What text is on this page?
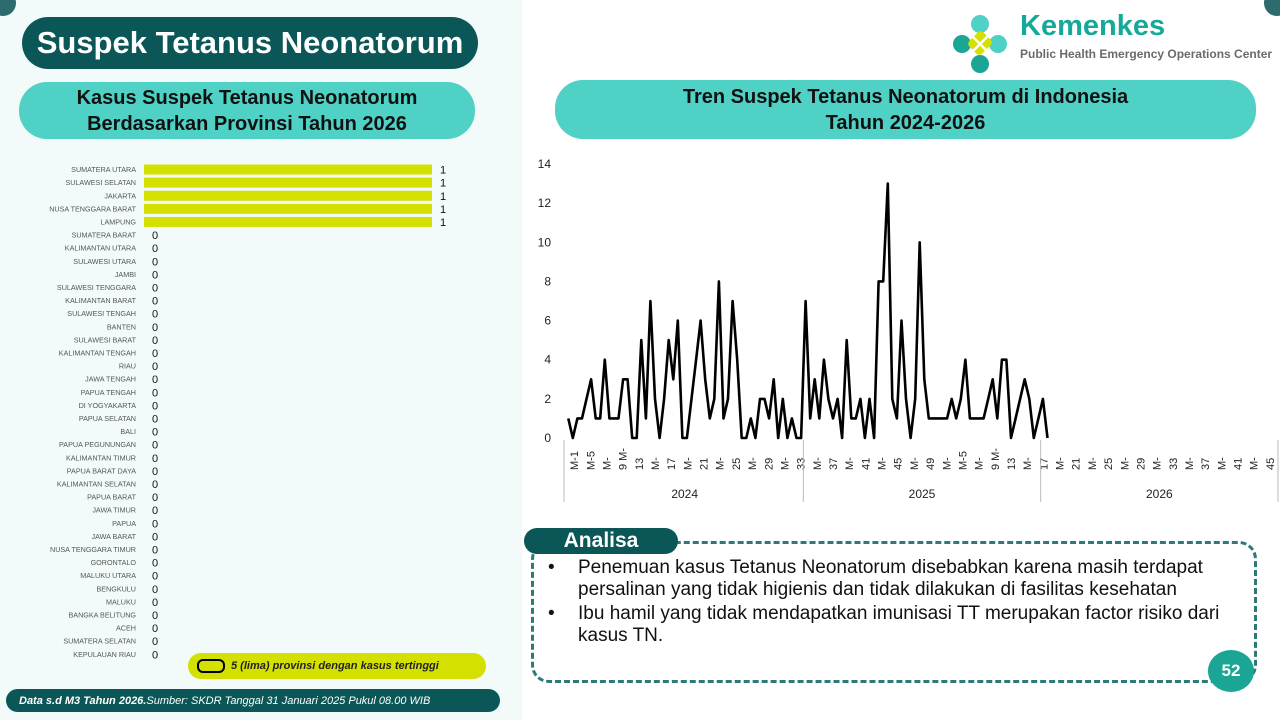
Suspek Tetanus Neonatorum	Kemenkes
Public Health Emergency Operations Center
Kasus Suspek Tetanus Neonatorum
Berdasarkan Provinsi Tahun 2026
Tren Suspek Tetanus Neonatorum di Indonesia
Tahun 2024-2026
SUMATERA UTARA	1
SULAWESI SELATAN	1
JAKARTA	1
NUSA TENGGARA BARAT	1
LAMPUNG	1
SUMATERA BARAT 0
KALIMANTAN UTARA 0
SULAWESI UTARA 0
JAMBI 0
SULAWESI TENGGARA 0
KALIMANTAN BARAT 0
SULAWESI TENGAH 0
BANTEN 0
SULAWESI BARAT 0
KALIMANTAN TENGAH 0
RIAU 0
JAWA TENGAH 0
PAPUA TENGAH 0
DI YOGYAKARTA 0
PAPUA SELATAN 0
BALI 0
PAPUA PEGUNUNGAN 0
KALIMANTAN TIMUR 0
PAPUA BARAT DAYA 0
KALIMANTAN SELATAN 0
PAPUA BARAT 0
JAWA TIMUR 0
PAPUA 0
JAWA BARAT 0
NUSA TENGGARA TIMUR 0
GORONTALO 0
MALUKU UTARA 0
BENGKULU 0
MALUKU 0
BANGKA BELITUNG 0
ACEH 0
SUMATERA SELATAN 0
KEPULAUAN RIAU 0
0
2
4
6
8
10
12
14
M-1 M-5 M- 9 M- 13 M- 17 M- 21 M- 25 M- 29 M- 33 M- 37 M- 41 M- 45 M- 49 M- M-5 M- 9 M- 13 M- 17 M- 21 M- 25 M- 29 M- 33 M- 37 M- 41 M- 45
2024	2025	2026
5 (lima) provinsi dengan kasus tertinggi
Data s.d M3 Tahun 2026. Sumber: SKDR Tanggal 31 Januari 2025 Pukul 08.00 WIB
Analisa
• Penemuan kasus Tetanus Neonatorum disebabkan karena masih terdapat persalinan yang tidak higienis dan tidak dilakukan di fasilitas kesehatan
• Ibu hamil yang tidak mendapatkan imunisasi TT merupakan factor risiko dari kasus TN.
52
